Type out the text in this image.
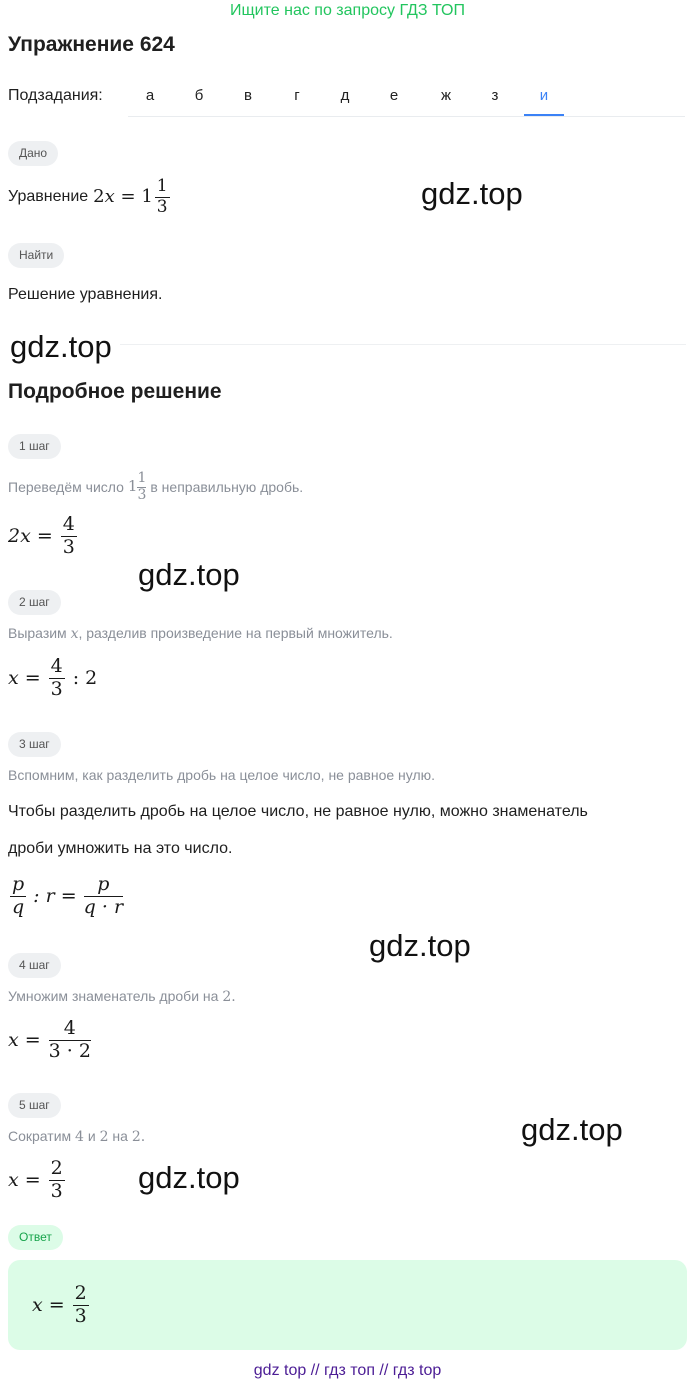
Ищите нас по запросу ГДЗ ТОП
Упражнение 624
Подзадания:	а	б	в	г	д	е	ж	з	и
Дано
Уравнение $2x = 1 \frac{1}{3}$
Найти
Решение уравнения.
Подробное решение
1 шаг
Переведём число $1 \frac{1}{3}$ в неправильную дробь.
$2x = \frac{4}{3}$
2 шаг
Выразим x, разделив произведение на первый множитель.
$x = \frac{4}{3}$ : 2
3 шаг
Вспомним, как разделить дробь на целое число, не равное нулю.
Чтобы разделить дробь на целое число, не равное нулю, можно знаменатель
дроби умножить на это число.
$\frac{p}{q}$ : $r = \frac{p}{q \cdot r}$
4 шаг
Умножим знаменатель дроби на 2.
$x = \frac{4}{3 \cdot 2}$
5 шаг
Сократим 4 и 2 на 2.
$x = \frac{2}{3}$
Ответ
$x = \frac{2}{3}$
gdz.top
gdz.top
gdz.top
gdz.top
gdz.top
gdz.top
gdz top // гдз топ // гдз top
